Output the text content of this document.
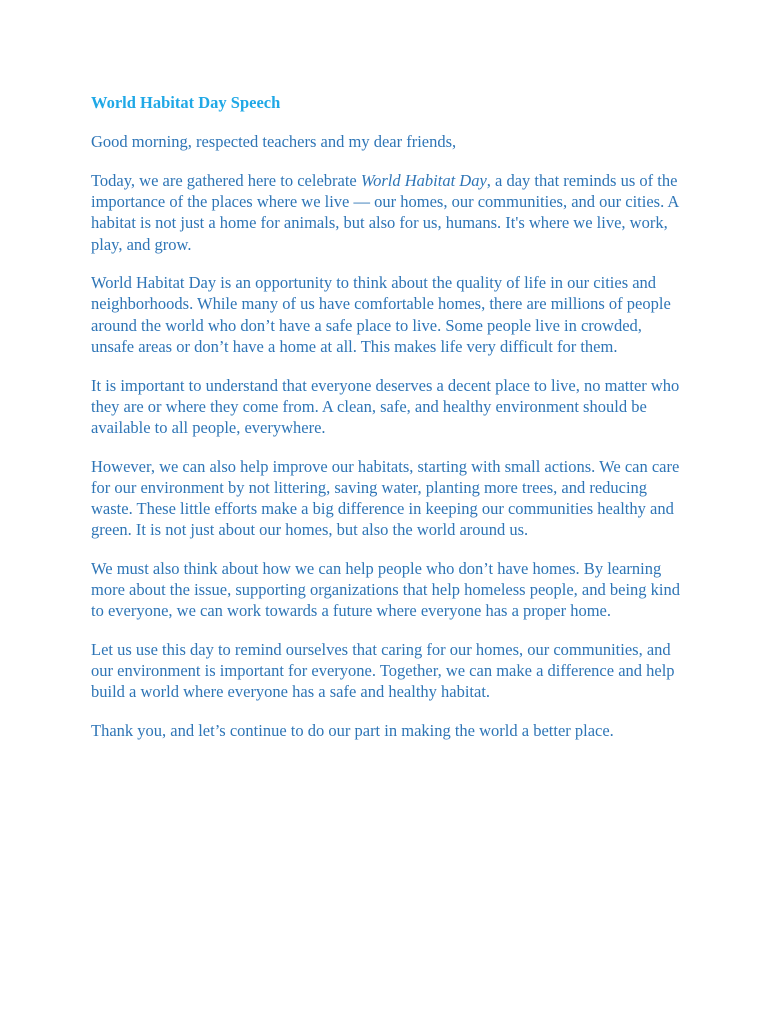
World Habitat Day Speech

Good morning, respected teachers and my dear friends,

Today, we are gathered here to celebrate World Habitat Day, a day that reminds us of the importance of the places where we live — our homes, our communities, and our cities. A habitat is not just a home for animals, but also for us, humans. It's where we live, work, play, and grow.

World Habitat Day is an opportunity to think about the quality of life in our cities and neighborhoods. While many of us have comfortable homes, there are millions of people around the world who don’t have a safe place to live. Some people live in crowded, unsafe areas or don’t have a home at all. This makes life very difficult for them.

It is important to understand that everyone deserves a decent place to live, no matter who they are or where they come from. A clean, safe, and healthy environment should be available to all people, everywhere.

However, we can also help improve our habitats, starting with small actions. We can care for our environment by not littering, saving water, planting more trees, and reducing waste. These little efforts make a big difference in keeping our communities healthy and green. It is not just about our homes, but also the world around us.

We must also think about how we can help people who don’t have homes. By learning more about the issue, supporting organizations that help homeless people, and being kind to everyone, we can work towards a future where everyone has a proper home.

Let us use this day to remind ourselves that caring for our homes, our communities, and our environment is important for everyone. Together, we can make a difference and help build a world where everyone has a safe and healthy habitat.

Thank you, and let’s continue to do our part in making the world a better place.
